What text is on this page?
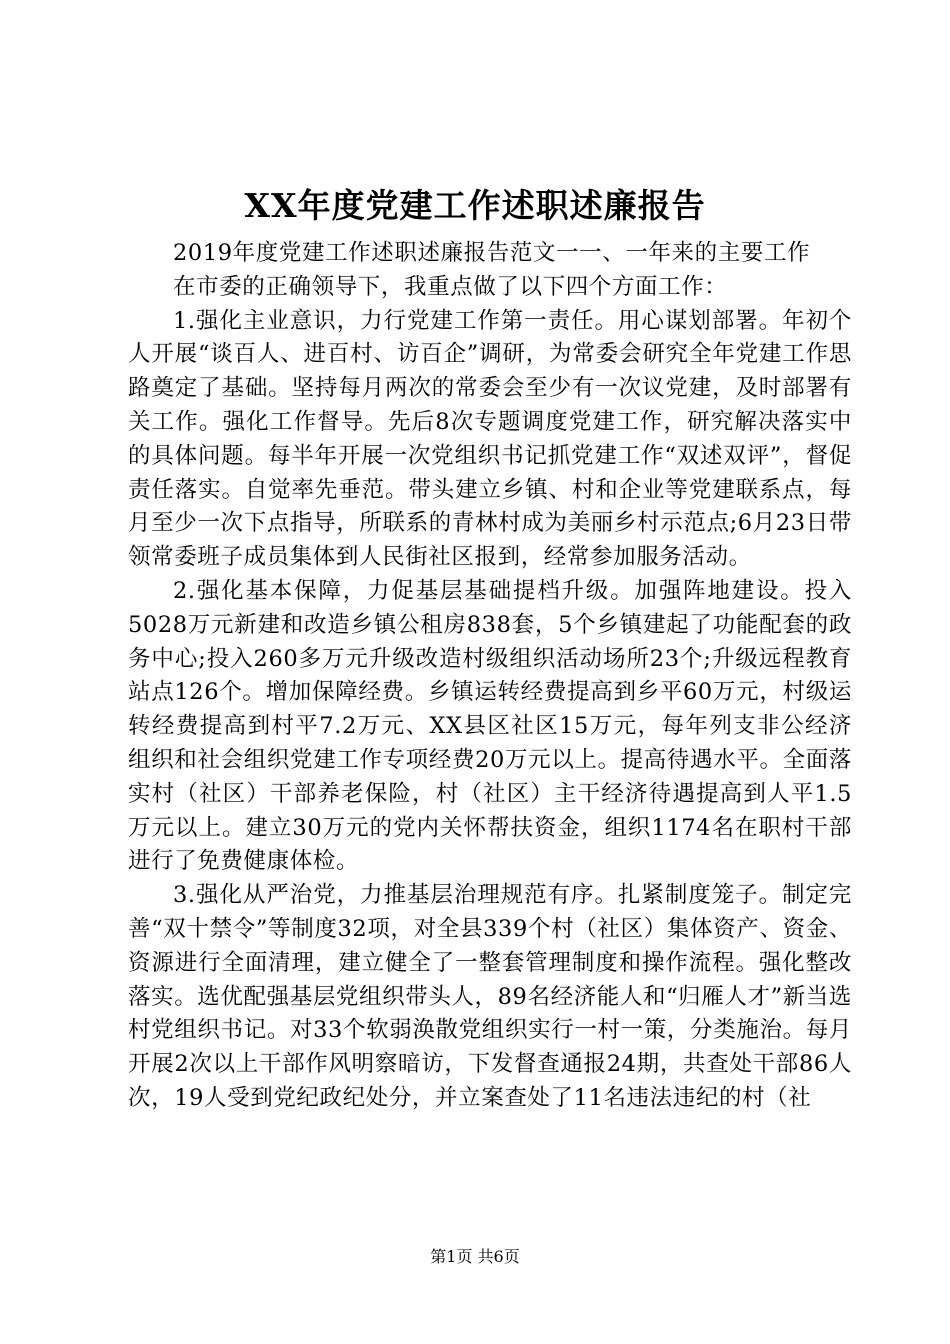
XX年度党建工作述职述廉报告

2019年度党建工作述职述廉报告范文一一、一年来的主要工作

在市委的正确领导下，我重点做了以下四个方面工作：

1.强化主业意识，力行党建工作第一责任。用心谋划部署。年初个人开展“谈百人、进百村、访百企”调研，为常委会研究全年党建工作思路奠定了基础。坚持每月两次的常委会至少有一次议党建，及时部署有关工作。强化工作督导。先后8次专题调度党建工作，研究解决落实中的具体问题。每半年开展一次党组织书记抓党建工作“双述双评”，督促责任落实。自觉率先垂范。带头建立乡镇、村和企业等党建联系点，每月至少一次下点指导，所联系的青林村成为美丽乡村示范点;6月23日带领常委班子成员集体到人民街社区报到，经常参加服务活动。

2.强化基本保障，力促基层基础提档升级。加强阵地建设。投入5028万元新建和改造乡镇公租房838套，5个乡镇建起了功能配套的政务中心;投入260多万元升级改造村级组织活动场所23个;升级远程教育站点126个。增加保障经费。乡镇运转经费提高到乡平60万元，村级运转经费提高到村平7.2万元、XX县区社区15万元，每年列支非公经济组织和社会组织党建工作专项经费20万元以上。提高待遇水平。全面落实村（社区）干部养老保险，村（社区）主干经济待遇提高到人平1.5万元以上。建立30万元的党内关怀帮扶资金，组织1174名在职村干部进行了免费健康体检。

3.强化从严治党，力推基层治理规范有序。扎紧制度笼子。制定完善“双十禁令”等制度32项，对全县339个村（社区）集体资产、资金、资源进行全面清理，建立健全了一整套管理制度和操作流程。强化整改落实。选优配强基层党组织带头人，89名经济能人和“归雁人才”新当选村党组织书记。对33个软弱涣散党组织实行一村一策，分类施治。每月开展2次以上干部作风明察暗访，下发督查通报24期，共查处干部86人次，19人受到党纪政纪处分，并立案查处了11名违法违纪的村（社

第1页 共6页
